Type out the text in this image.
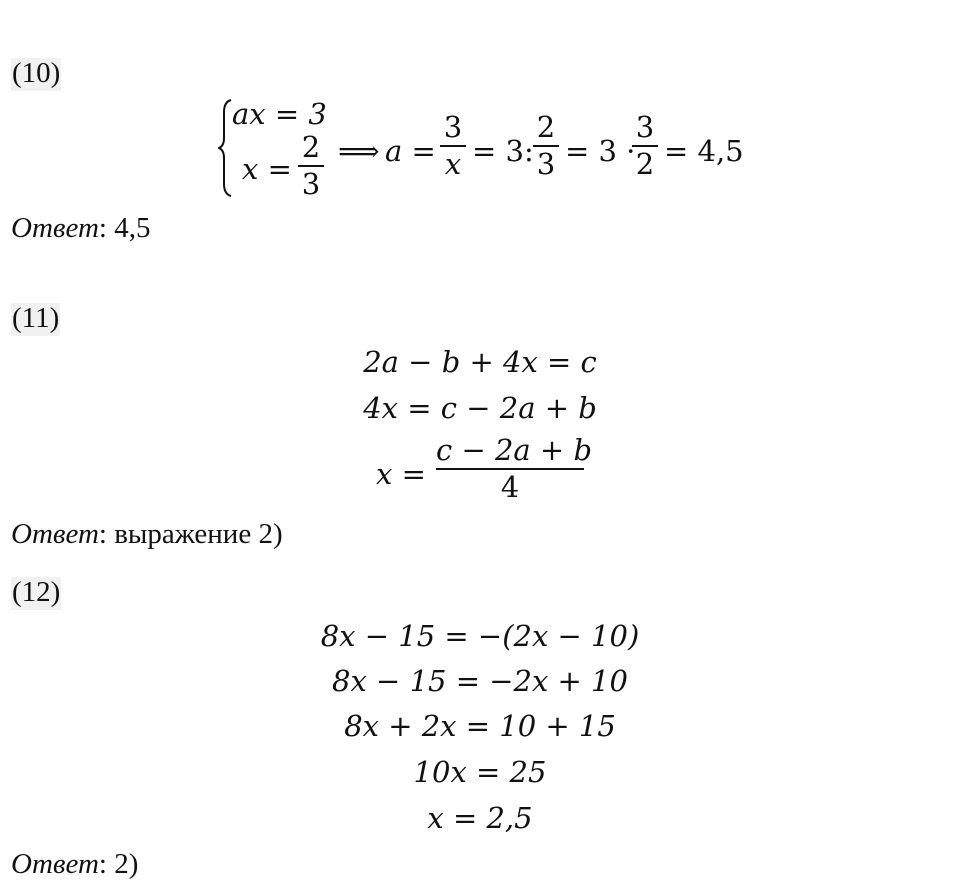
(10)
ax = 3
x =
2
3
⟹ a =
3
x = 3:
2
3 = 3 ·
3
2 = 4,5
Ответ: 4,5
(11)
2a − b + 4x = c
4x = c − 2a + b
x =
c − 2a + b
4
Ответ: выражение 2)
(12)
8x − 15 = −(2x − 10)
8x − 15 = −2x + 10
8x + 2x = 10 + 15
10x = 25
x = 2,5
Ответ: 2)
